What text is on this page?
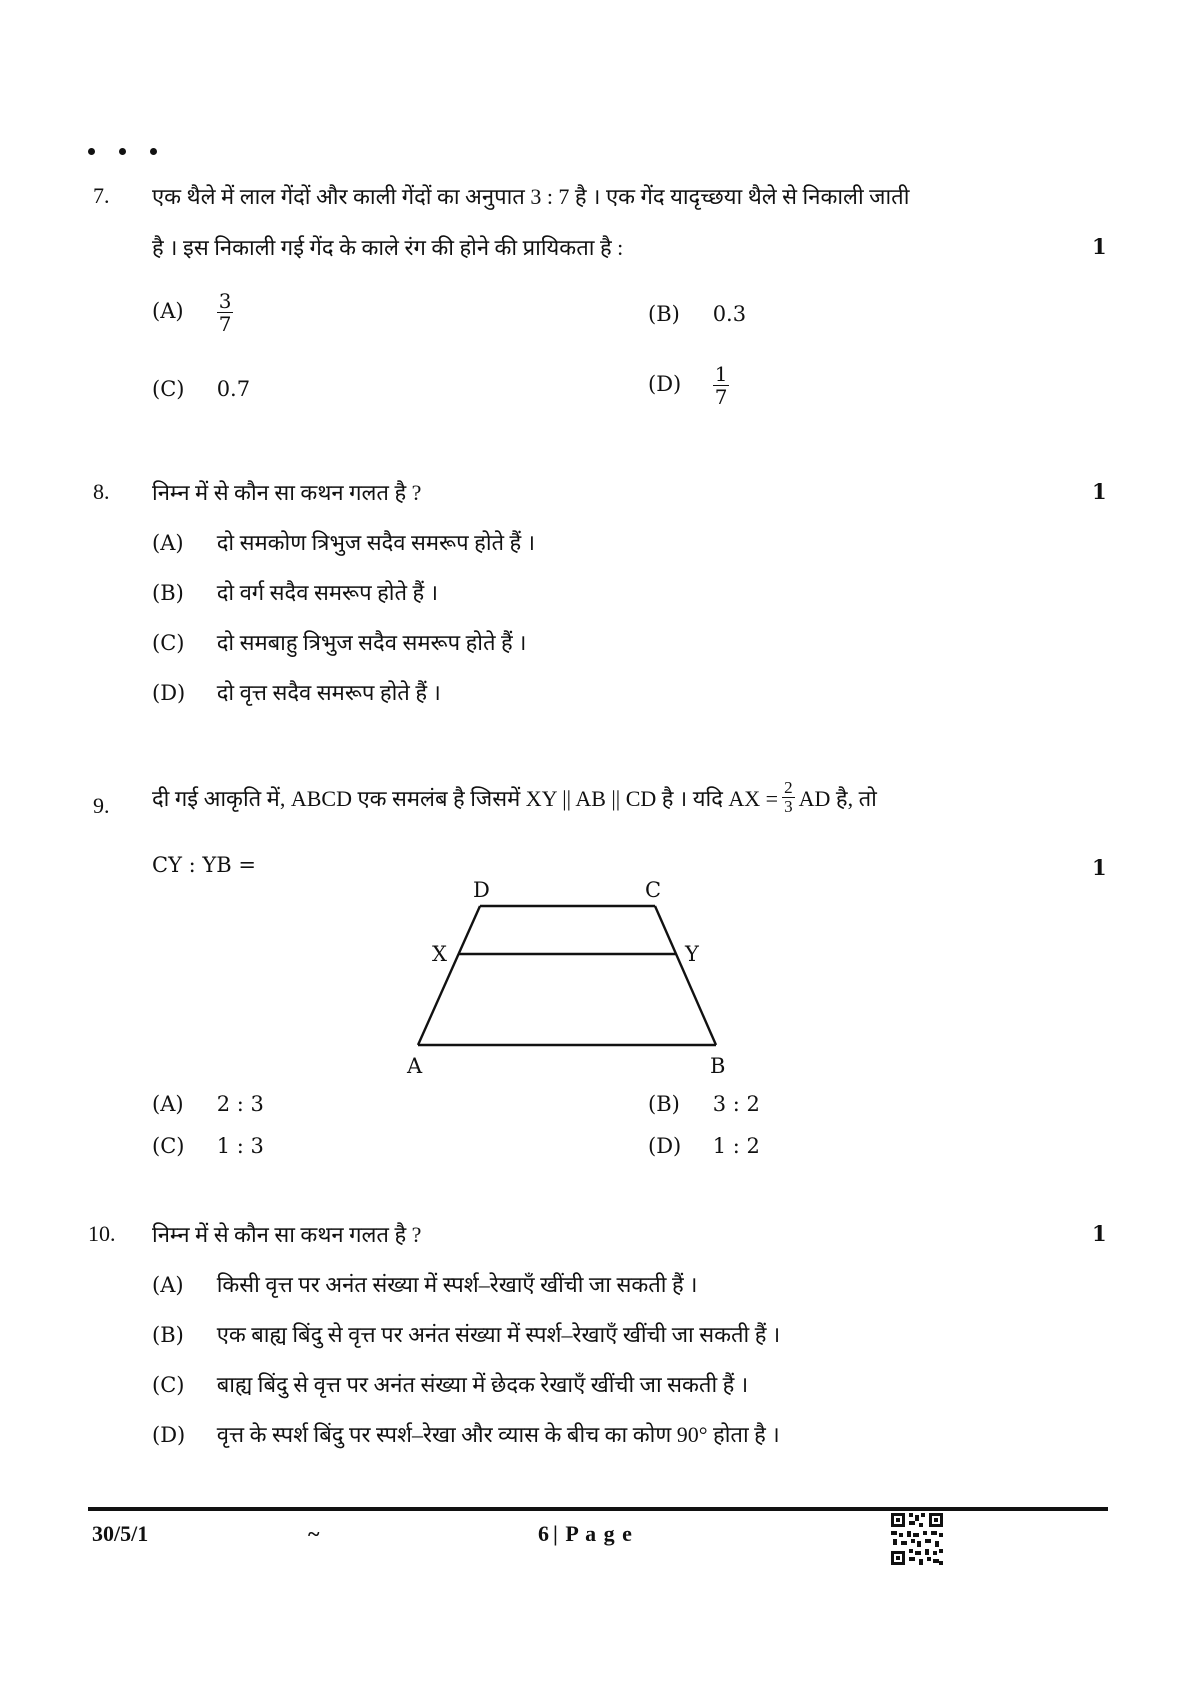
7. एक थैले में लाल गेंदों और काली गेंदों का अनुपात 3 : 7 है । एक गेंद यादृच्छया थैले से निकाली जाती
है । इस निकाली गई गेंद के काले रंग की होने की प्रायिकता है :	1
$(A) \frac{3}{7}$	(B) 0.3
(C) 0.7	$(D) \frac{1}{7}$
8. निम्न में से कौन सा कथन गलत है ?	1
(A) दो समकोण त्रिभुज सदैव समरूप होते हैं ।
(B) दो वर्ग सदैव समरूप होते हैं ।
(C) दो समबाहु त्रिभुज सदैव समरूप होते हैं ।
(D) दो वृत्त सदैव समरूप होते हैं ।
9. दी गई आकृति में, ABCD एक समलंब है जिसमें XY || AB || CD है । यदि AX = $\frac{2}{3}$ AD है, तो
CY : YB =	1
D	C
X	Y
A	B
(A) 2 : 3	(B) 3 : 2
(C) 1 : 3	(D) 1 : 2
10. निम्न में से कौन सा कथन गलत है ?	1
(A) किसी वृत्त पर अनंत संख्या में स्पर्श–रेखाएँ खींची जा सकती हैं ।
(B) एक बाह्य बिंदु से वृत्त पर अनंत संख्या में स्पर्श–रेखाएँ खींची जा सकती हैं ।
(C) बाह्य बिंदु से वृत्त पर अनंत संख्या में छेदक रेखाएँ खींची जा सकती हैं ।
(D) वृत्त के स्पर्श बिंदु पर स्पर्श–रेखा और व्यास के बीच का कोण 90° होता है ।
30/5/1	~	6 | P a g e
